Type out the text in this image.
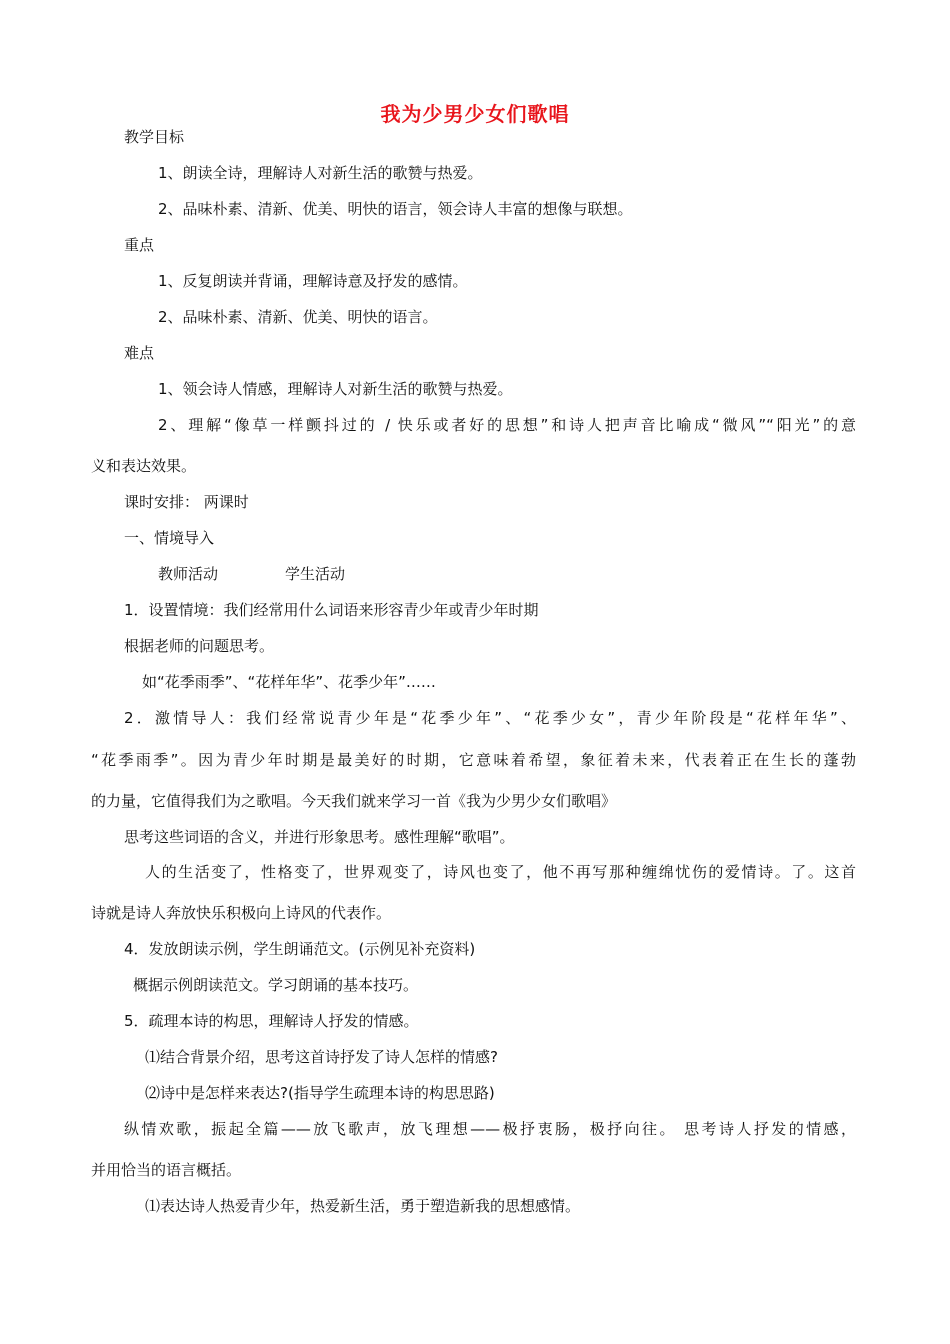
我为少男少女们歌唱
教学目标
1、朗读全诗，理解诗人对新生活的歌赞与热爱。
2、品味朴素、清新、优美、明快的语言，领会诗人丰富的想像与联想。
重点
1、反复朗读并背诵，理解诗意及抒发的感情。
2、品味朴素、清新、优美、明快的语言。
难点
1、领会诗人情感，理解诗人对新生活的歌赞与热爱。
2、理解“像草一样颤抖过的 / 快乐或者好的思想”和诗人把声音比喻成“微风”“阳光”的意
义和表达效果。
课时安排： 两课时
一、情境导入
教师活动	学生活动
1．设置情境：我们经常用什么词语来形容青少年或青少年时期
根据老师的问题思考。
如“花季雨季”、“花样年华”、花季少年”……
2．激情导人：我们经常说青少年是“花季少年”、“花季少女”，青少年阶段是“花样年华”、
“花季雨季”。因为青少年时期是最美好的时期，它意味着希望，象征着未来，代表着正在生长的蓬勃
的力量，它值得我们为之歌唱。今天我们就来学习一首《我为少男少女们歌唱》
思考这些词语的含义，并进行形象思考。感性理解“歌唱”。
人的生活变了，性格变了，世界观变了，诗风也变了，他不再写那种缠绵忧伤的爱情诗。了。这首
诗就是诗人奔放快乐积极向上诗风的代表作。
4．发放朗读示例，学生朗诵范文。(示例见补充资料)
概据示例朗读范文。学习朗诵的基本技巧。
5．疏理本诗的构思，理解诗人抒发的情感。
⑴结合背景介绍，思考这首诗抒发了诗人怎样的情感?
⑵诗中是怎样来表达?(指导学生疏理本诗的构思思路)
纵情欢歌，振起全篇——放飞歌声，放飞理想——极抒衷肠，极抒向往。 思考诗人抒发的情感，
并用恰当的语言概括。
⑴表达诗人热爱青少年，热爱新生活，勇于塑造新我的思想感情。
